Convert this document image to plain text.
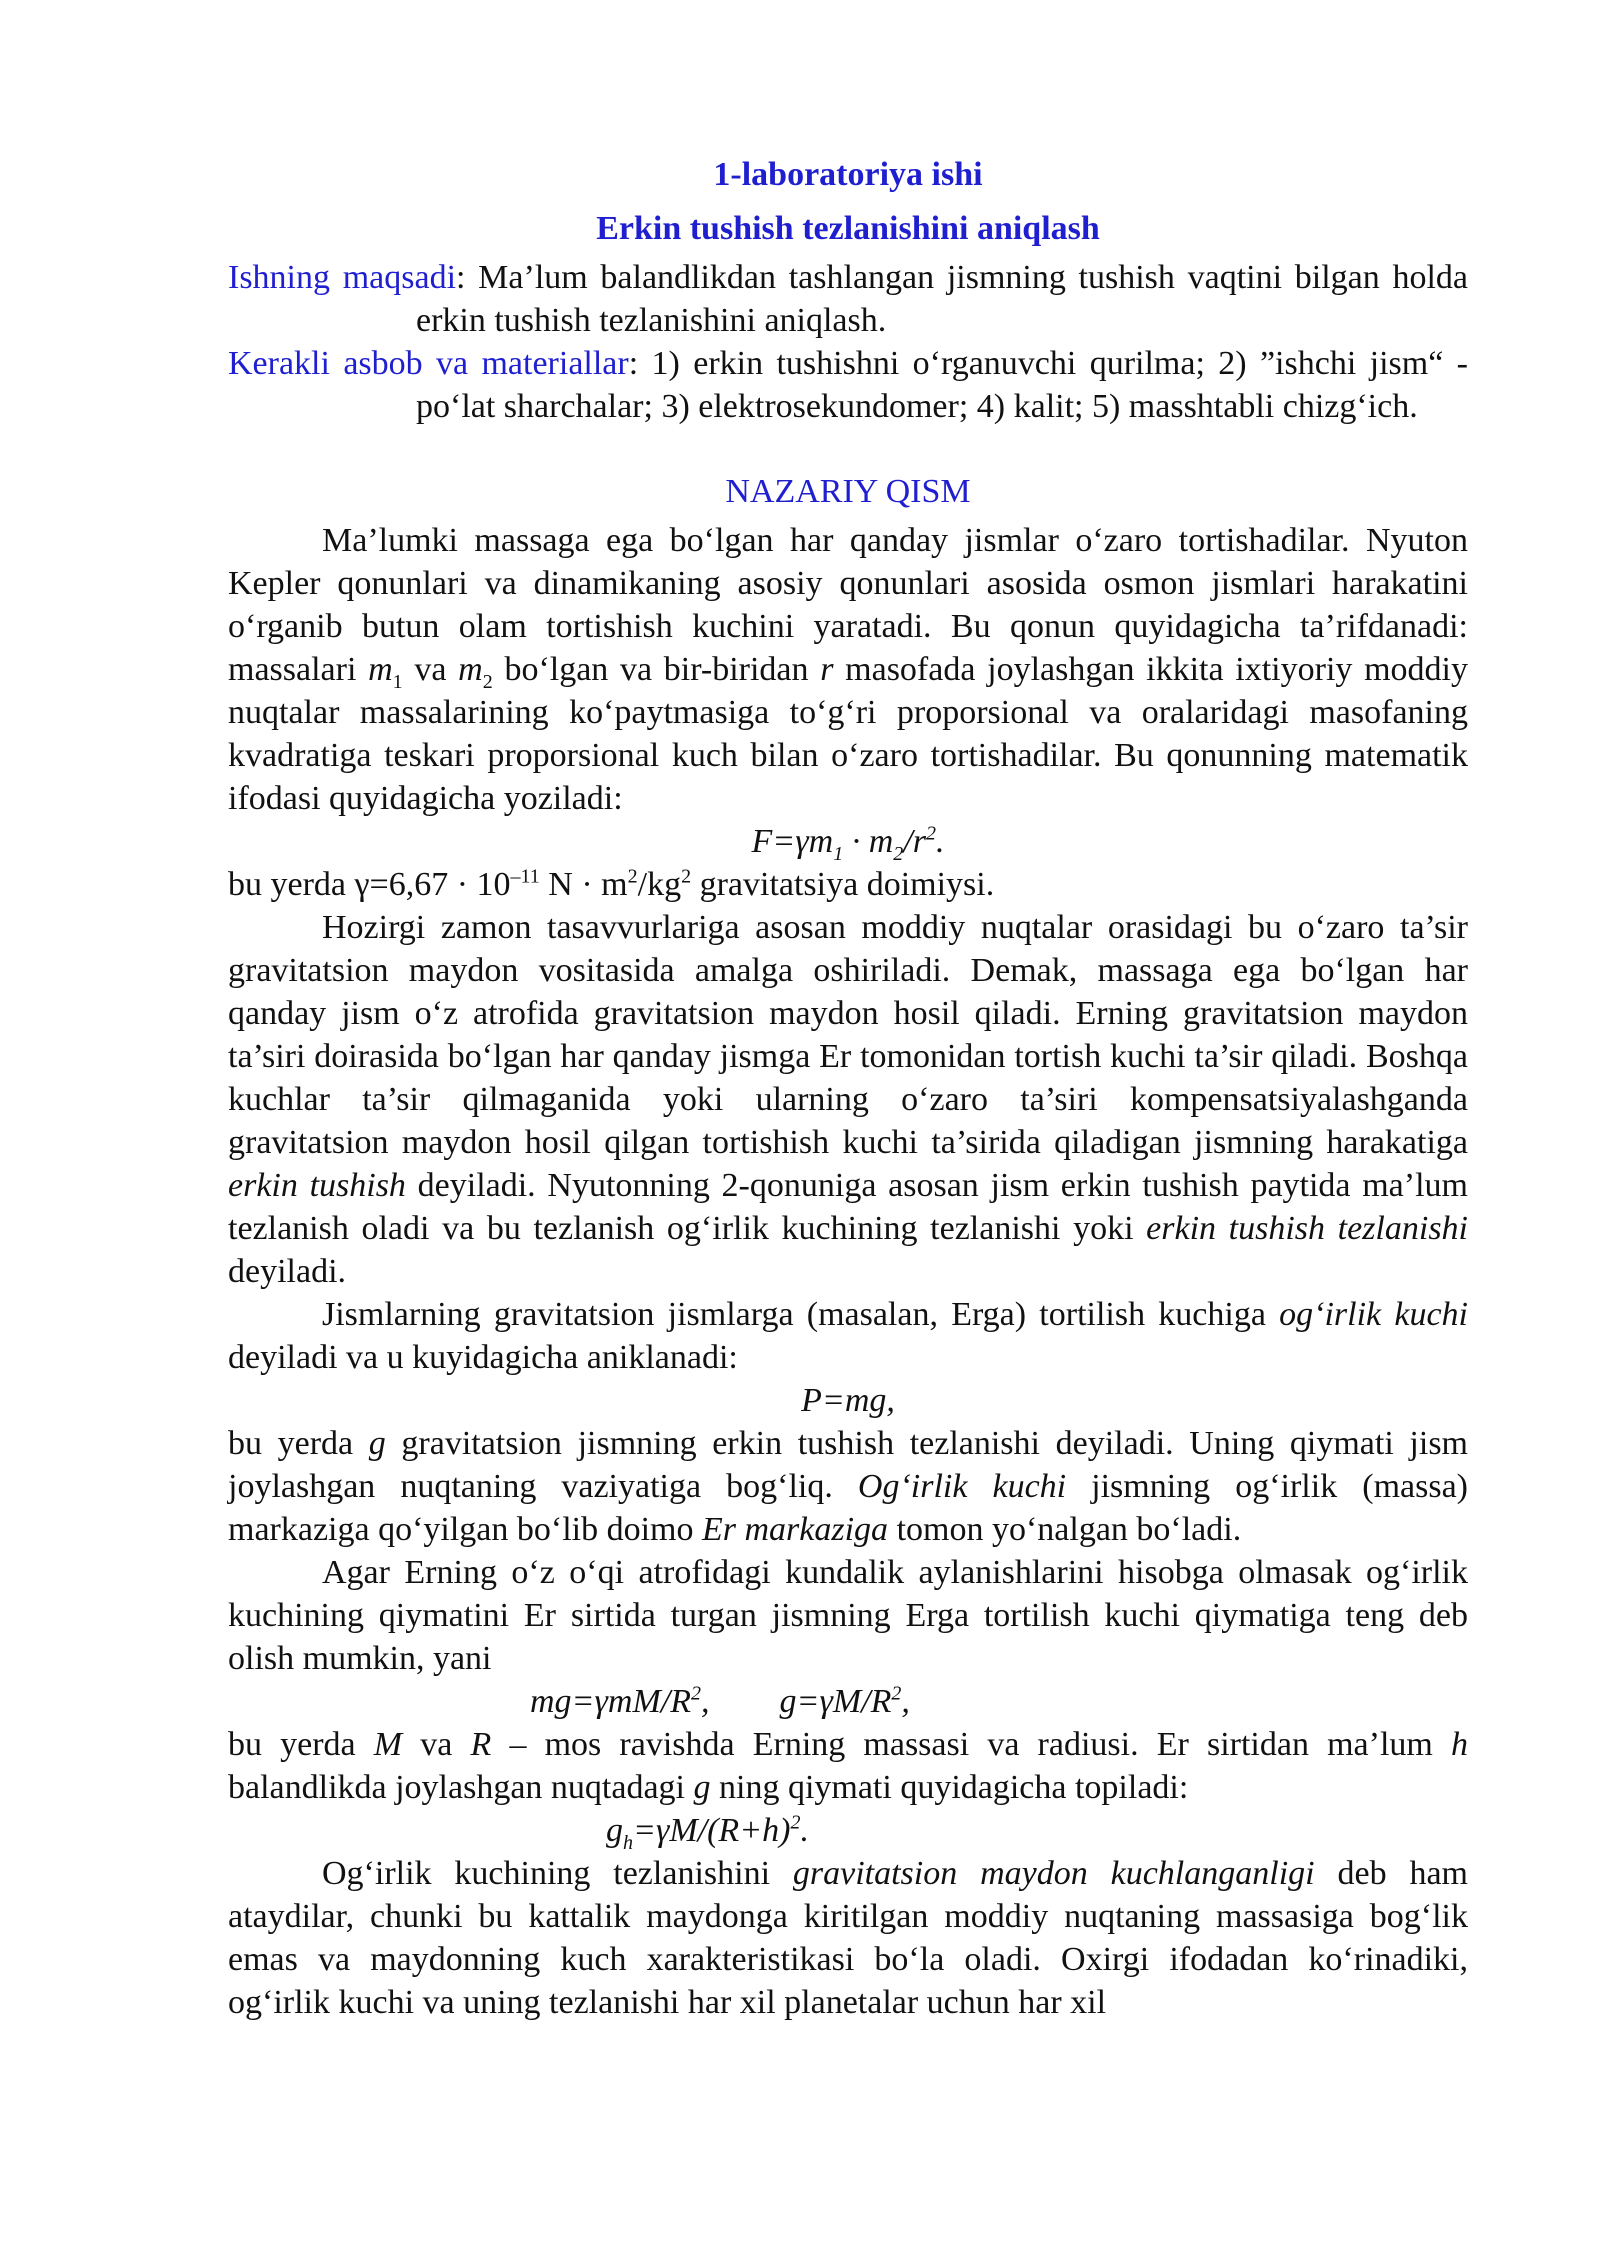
1-laboratoriya ishi
Erkin tushish tezlanishini aniqlash
Ishning maqsadi: Ma’lum balandlikdan tashlangan jismning tushish vaqtini bilgan holda erkin tushish tezlanishini aniqlash.
Kerakli asbob va materiallar: 1) erkin tushishni o‘rganuvchi qurilma; 2) ”ishchi jism“ - po‘lat sharchalar; 3) elektrosekundomer; 4) kalit; 5) masshtabli chizg‘ich.
NAZARIY QISM
Ma’lumki massaga ega bo‘lgan har qanday jismlar o‘zaro tortishadilar. Nyuton Kepler qonunlari va dinamikaning asosiy qonunlari asosida osmon jismlari harakatini o‘rganib butun olam tortishish kuchini yaratadi. Bu qonun quyidagicha ta’rifdanadi: massalari $m_1$ va $m_2$ bo‘lgan va bir-biridan r masofada joylashgan ikkita ixtiyoriy moddiy nuqtalar massalarining ko‘paytmasiga to‘g‘ri proporsional va oralaridagi masofaning kvadratiga teskari proporsional kuch bilan o‘zaro tortishadilar. Bu qonunning matematik ifodasi quyidagicha yoziladi:
$F=\gamma m_1 \cdot m_2/r^2$.
bu yerda $\gamma=6,67 \cdot 10^{-11}$ $N \cdot m^2/kg^2$ gravitatsiya doimiysi.
Hozirgi zamon tasavvurlariga asosan moddiy nuqtalar orasidagi bu o‘zaro ta’sir gravitatsion maydon vositasida amalga oshiriladi. Demak, massaga ega bo‘lgan har qanday jism o‘z atrofida gravitatsion maydon hosil qiladi. Erning gravitatsion maydon ta’siri doirasida bo‘lgan har qanday jismga Er tomonidan tortish kuchi ta’sir qiladi. Boshqa kuchlar ta’sir qilmaganida yoki ularning o‘zaro ta’siri kompensatsiyalashganda gravitatsion maydon hosil qilgan tortishish kuchi ta’sirida qiladigan jismning harakatiga erkin tushish deyiladi. Nyutonning 2-qonuniga asosan jism erkin tushish paytida ma’lum tezlanish oladi va bu tezlanish og‘irlik kuchining tezlanishi yoki erkin tushish tezlanishi deyiladi.
Jismlarning gravitatsion jismlarga (masalan, Erga) tortilish kuchiga og‘irlik kuchi deyiladi va u kuyidagicha aniklanadi:
P=mg,
bu yerda g gravitatsion jismning erkin tushish tezlanishi deyiladi. Uning qiymati jism joylashgan nuqtaning vaziyatiga bog‘liq. Og‘irlik kuchi jismning og‘irlik (massa) markaziga qo‘yilgan bo‘lib doimo Er markaziga tomon yo‘nalgan bo‘ladi.
Agar Erning o‘z o‘qi atrofidagi kundalik aylanishlarini hisobga olmasak og‘irlik kuchining qiymatini Er sirtida turgan jismning Erga tortilish kuchi qiymatiga teng deb olish mumkin, yani
$mg=\gamma mM/R^2$, $g=\gamma M/R^2$,
bu yerda M va R – mos ravishda Erning massasi va radiusi. Er sirtidan ma’lum h balandlikda joylashgan nuqtadagi g ning qiymati quyidagicha topiladi:
$g_h=\gamma M/(R+h)^2$.
Og‘irlik kuchining tezlanishini gravitatsion maydon kuchlanganligi deb ham ataydilar, chunki bu kattalik maydonga kiritilgan moddiy nuqtaning massasiga bog‘lik emas va maydonning kuch xarakteristikasi bo‘la oladi. Oxirgi ifodadan ko‘rinadiki, og‘irlik kuchi va uning tezlanishi har xil planetalar uchun har xil
